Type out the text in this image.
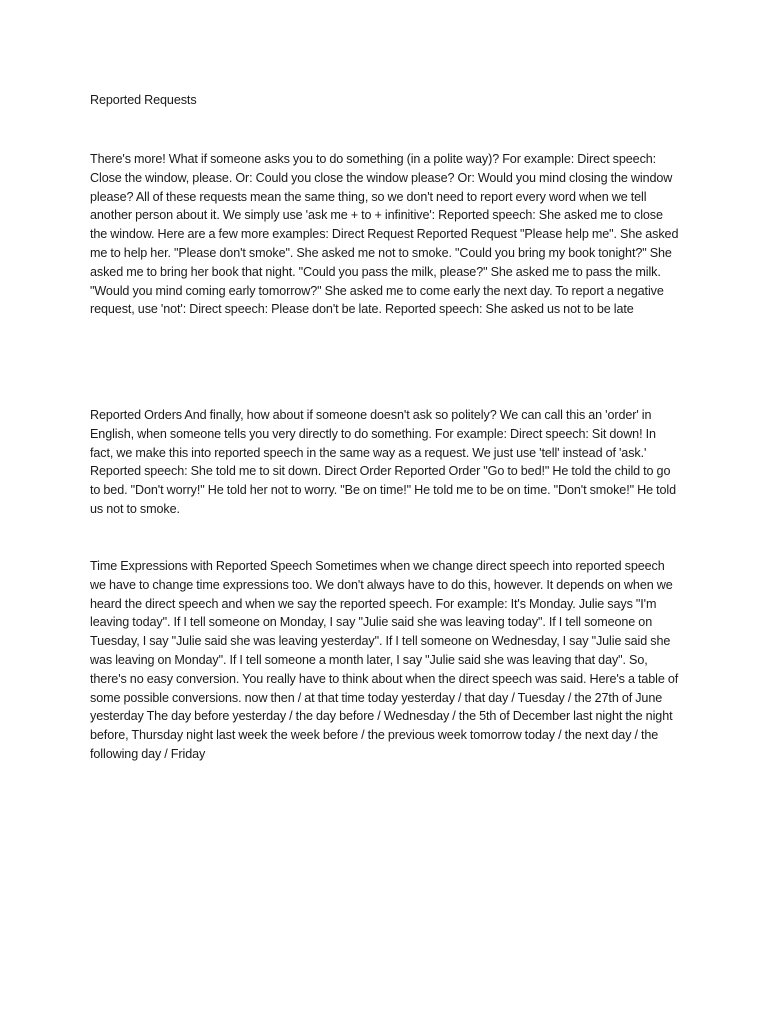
Reported Requests

There's more! What if someone asks you to do something (in a polite way)? For example: Direct speech: Close the window, please. Or: Could you close the window please? Or: Would you mind closing the window please? All of these requests mean the same thing, so we don't need to report every word when we tell another person about it. We simply use 'ask me + to + infinitive': Reported speech: She asked me to close the window. Here are a few more examples: Direct Request Reported Request "Please help me". She asked me to help her. "Please don't smoke". She asked me not to smoke. "Could you bring my book tonight?" She asked me to bring her book that night. "Could you pass the milk, please?" She asked me to pass the milk. "Would you mind coming early tomorrow?" She asked me to come early the next day. To report a negative request, use 'not': Direct speech: Please don't be late. Reported speech: She asked us not to be late

Reported Orders And finally, how about if someone doesn't ask so politely? We can call this an 'order' in English, when someone tells you very directly to do something. For example: Direct speech: Sit down! In fact, we make this into reported speech in the same way as a request. We just use 'tell' instead of 'ask.' Reported speech: She told me to sit down. Direct Order Reported Order "Go to bed!" He told the child to go to bed. "Don't worry!" He told her not to worry. "Be on time!" He told me to be on time. "Don't smoke!" He told us not to smoke.

Time Expressions with Reported Speech Sometimes when we change direct speech into reported speech we have to change time expressions too. We don't always have to do this, however. It depends on when we heard the direct speech and when we say the reported speech. For example: It's Monday. Julie says "I'm leaving today". If I tell someone on Monday, I say "Julie said she was leaving today". If I tell someone on Tuesday, I say "Julie said she was leaving yesterday". If I tell someone on Wednesday, I say "Julie said she was leaving on Monday". If I tell someone a month later, I say "Julie said she was leaving that day". So, there's no easy conversion. You really have to think about when the direct speech was said. Here's a table of some possible conversions. now then / at that time today yesterday / that day / Tuesday / the 27th of June yesterday The day before yesterday / the day before / Wednesday / the 5th of December last night the night before, Thursday night last week the week before / the previous week tomorrow today / the next day / the following day / Friday
